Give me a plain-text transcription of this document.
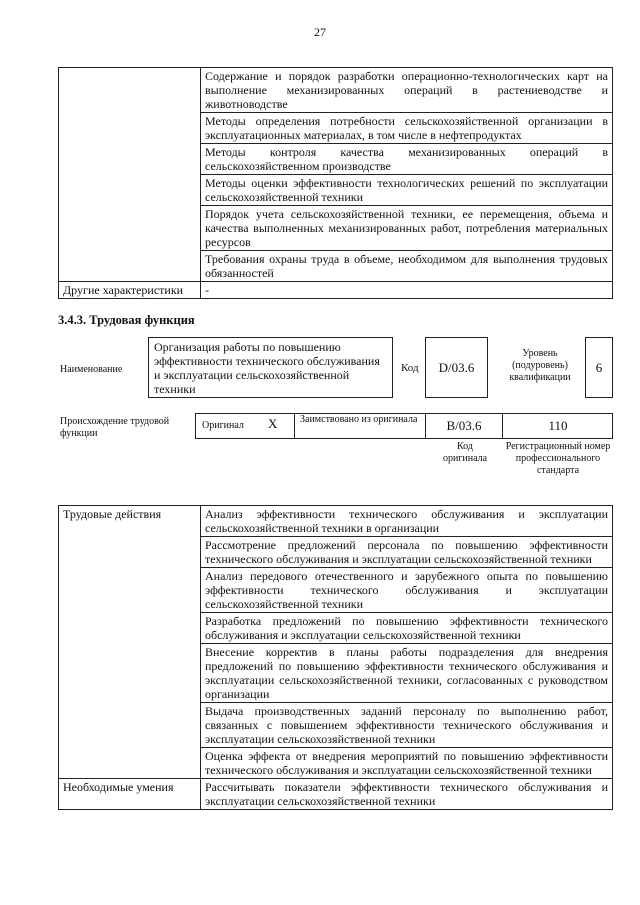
27
	Содержание и порядок разработки операционно-технологических карт на выполнение механизированных операций в растениеводстве и животноводстве
	Методы определения потребности сельскохозяйственной организации в эксплуатационных материалах, в том числе в нефтепродуктах
	Методы контроля качества механизированных операций в сельскохозяйственном производстве
	Методы оценки эффективности технологических решений по эксплуатации сельскохозяйственной техники
	Порядок учета сельскохозяйственной техники, ее перемещения, объема и качества выполненных механизированных работ, потребления материальных ресурсов
	Требования охраны труда в объеме, необходимом для выполнения трудовых обязанностей
Другие характеристики	-
3.4.3. Трудовая функция
Наименование
Организация работы по повышению эффективности технического обслуживания и эксплуатации сельскохозяйственной техники
Код D/03.6
Уровень (подуровень) квалификации
6
Происхождение трудовой функции
Оригинал X Заимствовано из оригинала	B/03.6	110
Код оригинала
Регистрационный номер профессионального стандарта
Трудовые действия	Анализ эффективности технического обслуживания и эксплуатации сельскохозяйственной техники в организации
	Рассмотрение предложений персонала по повышению эффективности технического обслуживания и эксплуатации сельскохозяйственной техники
	Анализ передового отечественного и зарубежного опыта по повышению эффективности технического обслуживания и эксплуатации сельскохозяйственной техники
	Разработка предложений по повышению эффективности технического обслуживания и эксплуатации сельскохозяйственной техники
	Внесение корректив в планы работы подразделения для внедрения предложений по повышению эффективности технического обслуживания и эксплуатации сельскохозяйственной техники, согласованных с руководством организации
	Выдача производственных заданий персоналу по выполнению работ, связанных с повышением эффективности технического обслуживания и эксплуатации сельскохозяйственной техники
	Оценка эффекта от внедрения мероприятий по повышению эффективности технического обслуживания и эксплуатации сельскохозяйственной техники
Необходимые умения	Рассчитывать показатели эффективности технического обслуживания и эксплуатации сельскохозяйственной техники
